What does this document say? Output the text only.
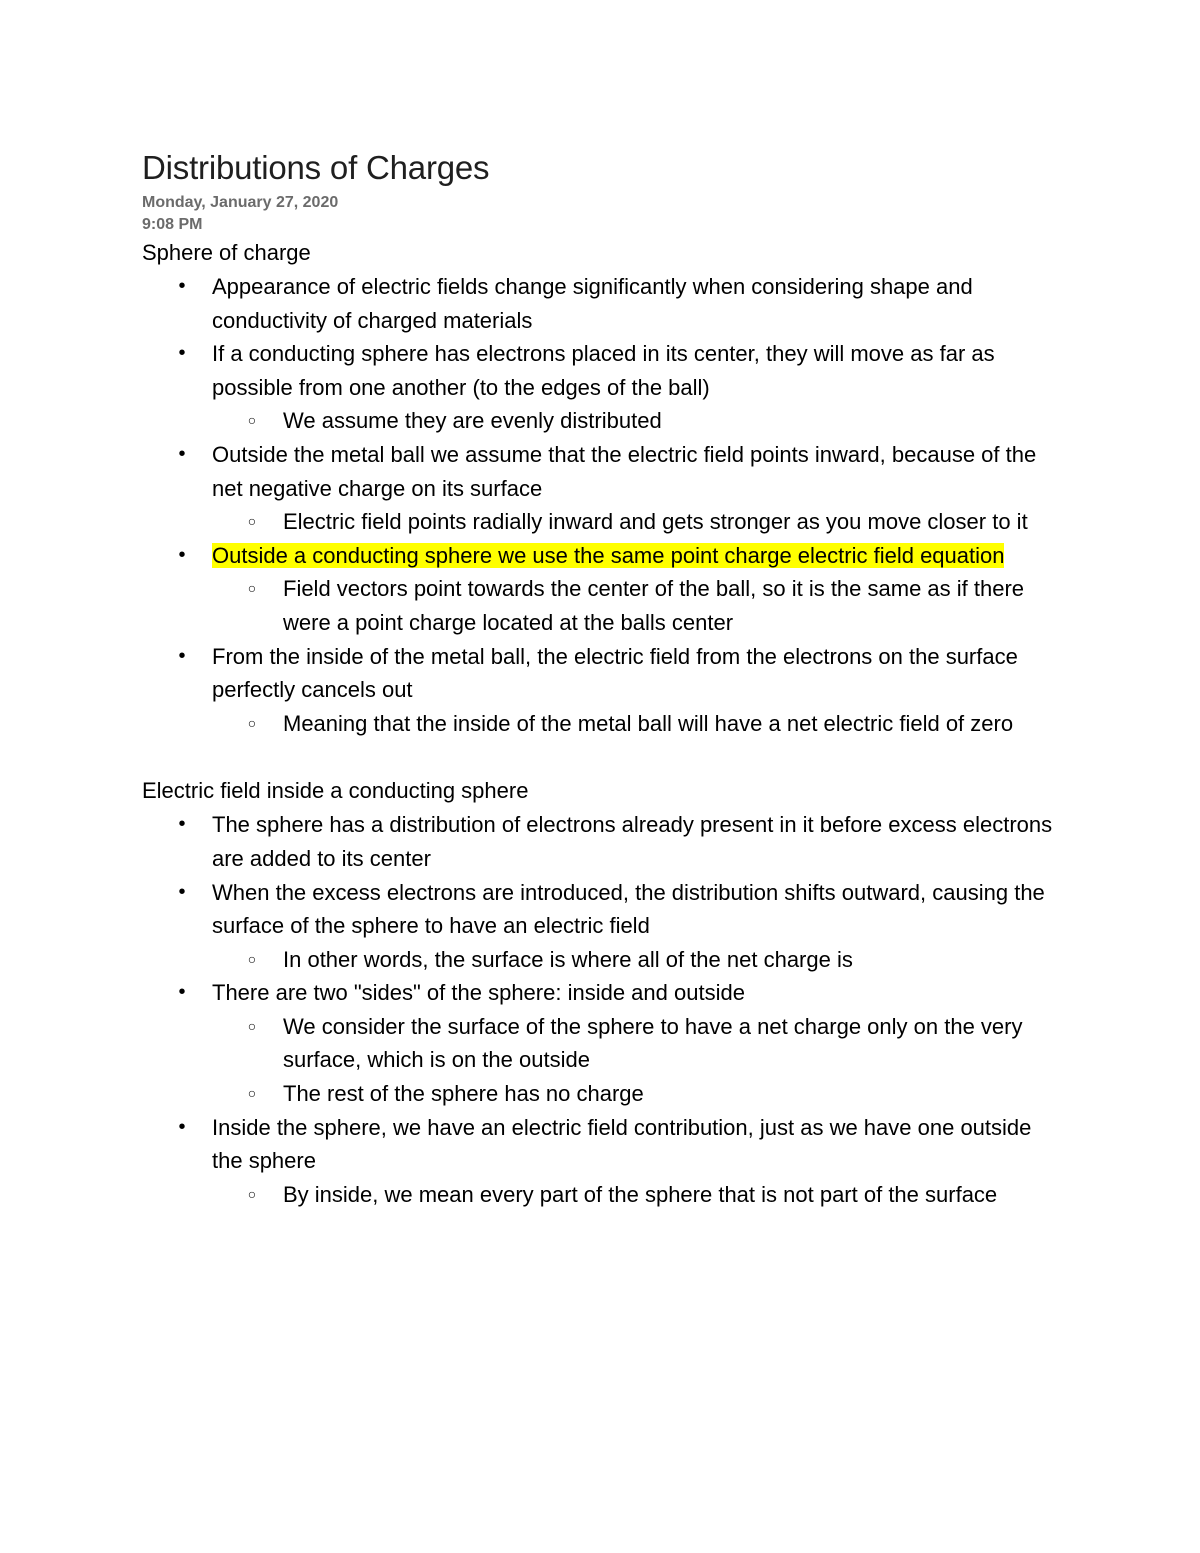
Distributions of Charges
Monday, January 27, 2020
9:08 PM
Sphere of charge
• Appearance of electric fields change significantly when considering shape and conductivity of charged materials
• If a conducting sphere has electrons placed in its center, they will move as far as possible from one another (to the edges of the ball)
○ We assume they are evenly distributed
• Outside the metal ball we assume that the electric field points inward, because of the net negative charge on its surface
○ Electric field points radially inward and gets stronger as you move closer to it
• Outside a conducting sphere we use the same point charge electric field equation
○ Field vectors point towards the center of the ball, so it is the same as if there were a point charge located at the balls center
• From the inside of the metal ball, the electric field from the electrons on the surface perfectly cancels out
○ Meaning that the inside of the metal ball will have a net electric field of zero
Electric field inside a conducting sphere
• The sphere has a distribution of electrons already present in it before excess electrons are added to its center
• When the excess electrons are introduced, the distribution shifts outward, causing the surface of the sphere to have an electric field
○ In other words, the surface is where all of the net charge is
• There are two "sides" of the sphere: inside and outside
○ We consider the surface of the sphere to have a net charge only on the very surface, which is on the outside
○ The rest of the sphere has no charge
• Inside the sphere, we have an electric field contribution, just as we have one outside the sphere
○ By inside, we mean every part of the sphere that is not part of the surface
